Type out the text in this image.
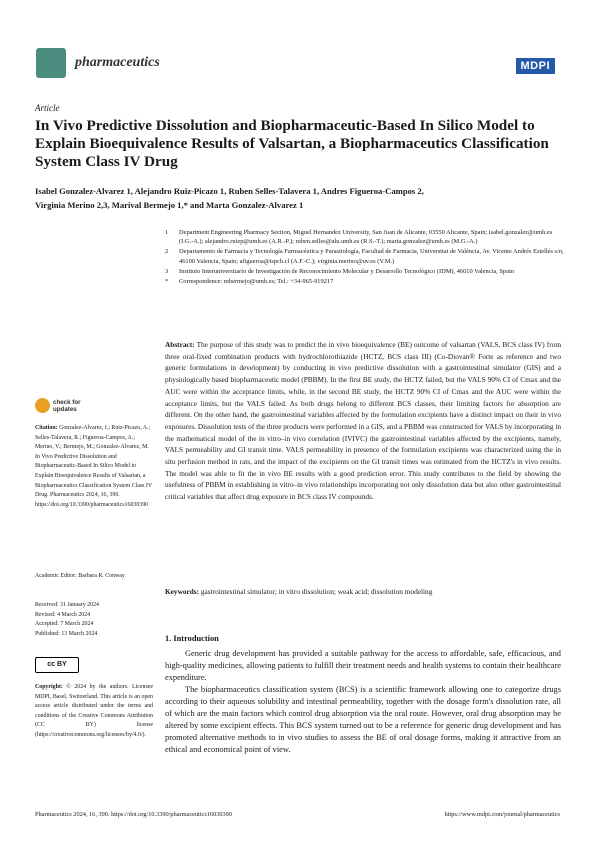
pharmaceutics	MDPI
Article
In Vivo Predictive Dissolution and Biopharmaceutic-Based In Silico Model to Explain Bioequivalence Results of Valsartan, a Biopharmaceutics Classification System Class IV Drug
Isabel Gonzalez-Alvarez 1, Alejandro Ruiz-Picazo 1, Ruben Selles-Talavera 1, Andres Figueroa-Campos 2,
Virginia Merino 2,3, Marival Bermejo 1,* and Marta Gonzalez-Alvarez 1
1	Department Engineering Pharmacy Section, Miguel Hernandez University, San Juan de Alicante, 03550 Alicante, Spain; isabel.gonzalez@umh.es (I.G.-A.); alejandro.ruizp@umh.es (A.R.-P.); ruben.selles@alu.umh.es (R.S.-T.); marta.gonzalez@umh.es (M.G.-A.)
2	Departamento de Farmacia y Tecnología Farmacéutica y Parasitología, Facultad de Farmacia, Universitat de València, Av. Vicente Andrés Estellés s/n, 46100 Valencia, Spain; afigueroa@ispch.cl (A.F.-C.); virginia.merino@uv.es (V.M.)
3	Instituto Interuniversitario de Investigación de Reconocimiento Molecular y Desarrollo Tecnológico (IDM), 46010 Valencia, Spain
*	Correspondence: mbermejo@umh.es; Tel.: +34-965-919217
Abstract: The purpose of this study was to predict the in vivo bioequivalence (BE) outcome of valsartan (VALS, BCS class IV) from three oral-fixed combination products with hydrochlorothiazide (HCTZ, BCS class III) (Co-Diovan® Forte as reference and two generic formulations in development) by conducting in vivo predictive dissolution with a gastrointestinal simulator (GIS) and a physiologically based biopharmaceutic model (PBBM). In the first BE study, the HCTZ failed, but the VALS 90% CI of Cmax and the AUC were within the acceptance limits, while, in the second BE study, the HCTZ 90% CI of Cmax and the AUC were within the acceptance limits, but the VALS failed. As both drugs belong to different BCS classes, their limiting factors for absorption are different. On the other hand, the gastrointestinal variables affected by the formulation excipients have a distinct impact on their in vivo exposures. Dissolution tests of the three products were performed in a GIS, and a PBBM was constructed for VALS by incorporating in the mathematical model of the in vitro–in vivo correlation (IVIVC) the gastrointestinal variables affected by the excipients, namely, VALS permeability and GI transit time. VALS permeability in presence of the formulation excipients was characterized using the in situ perfusion method in rats, and the impact of the excipients on the GI transit times was estimated from the HCTZ's in vivo results. The model was able to fit the in vivo BE results with a good prediction error. This study contributes to the field by showing the usefulness of PBBM in establishing in vitro–in vivo relationships incorporating not only dissolution data but also other gastrointestinal critical variables that affect drug exposure in BCS class IV compounds.
Keywords: gastrointestinal simulator; in vitro dissolution; weak acid; dissolution modeling
check for updates
Citation: Gonzalez-Alvarez, I.; Ruiz-Picazo, A.; Selles-Talavera, R.; Figueroa-Campos, A.; Merino, V.; Bermejo, M.; Gonzalez-Alvarez, M. In Vivo Predictive Dissolution and Biopharmaceutic-Based In Silico Model to Explain Bioequivalence Results of Valsartan, a Biopharmaceutics Classification System Class IV Drug. Pharmaceutics 2024, 16, 390. https://doi.org/10.3390/pharmaceutics16030390
Academic Editor: Barbara R. Conway
Received: 31 January 2024
Revised: 4 March 2024
Accepted: 7 March 2024
Published: 13 March 2024
cc BY
Copyright: © 2024 by the authors. Licensee MDPI, Basel, Switzerland. This article is an open access article distributed under the terms and conditions of the Creative Commons Attribution (CC BY) license (https://creativecommons.org/licenses/by/4.0/).
1. Introduction

Generic drug development has provided a suitable pathway for the access to affordable, safe, efficacious, and high-quality medicines, allowing patients to fulfill their treatment needs and health systems to contain their healthcare expenditure.

The biopharmaceutics classification system (BCS) is a scientific framework allowing one to categorize drugs according to their aqueous solubility and intestinal permeability, together with the dosage form's dissolution rate, all of which are the main factors which control drug absorption via the oral route. However, oral drug absorption may be altered by some excipient effects. This BCS system turned out to be a reference for generic drug development and has promoted alternative methods to in vivo studies to assess the BE of oral dosage forms, making it attractive from an ethical and economical point of view.

Pharmaceutics 2024, 16, 390. https://doi.org/10.3390/pharmaceutics16030390	https://www.mdpi.com/journal/pharmaceutics
